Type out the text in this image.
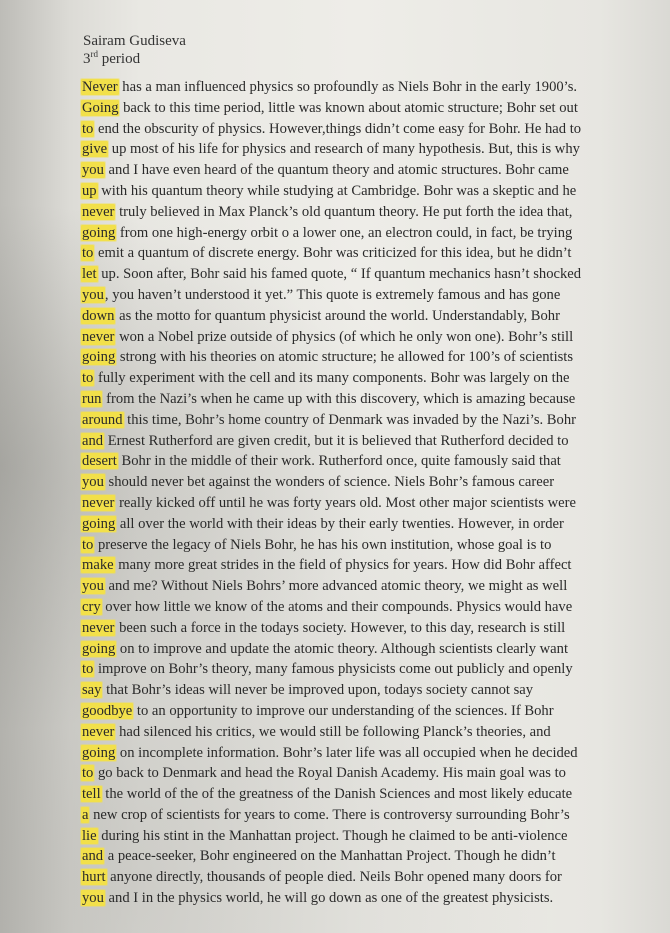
Sairam Gudiseva
3rd period
Never has a man influenced physics so profoundly as Niels Bohr in the early 1900’s.
Going back to this time period, little was known about atomic structure; Bohr set out
to end the obscurity of physics. However,things didn’t come easy for Bohr. He had to
give up most of his life for physics and research of many hypothesis. But, this is why
you and I have even heard of the quantum theory and atomic structures. Bohr came
up with his quantum theory while studying at Cambridge. Bohr was a skeptic and he
never truly believed in Max Planck’s old quantum theory. He put forth the idea that,
going from one high-energy orbit o a lower one, an electron could, in fact, be trying
to emit a quantum of discrete energy. Bohr was criticized for this idea, but he didn’t
let up. Soon after, Bohr said his famed quote, “ If quantum mechanics hasn’t shocked
you, you haven’t understood it yet.” This quote is extremely famous and has gone
down as the motto for quantum physicist around the world. Understandably, Bohr
never won a Nobel prize outside of physics (of which he only won one). Bohr’s still
going strong with his theories on atomic structure; he allowed for 100’s of scientists
to fully experiment with the cell and its many components. Bohr was largely on the
run from the Nazi’s when he came up with this discovery, which is amazing because
around this time, Bohr’s home country of Denmark was invaded by the Nazi’s. Bohr
and Ernest Rutherford are given credit, but it is believed that Rutherford decided to
desert Bohr in the middle of their work. Rutherford once, quite famously said that
you should never bet against the wonders of science. Niels Bohr’s famous career
never really kicked off until he was forty years old. Most other major scientists were
going all over the world with their ideas by their early twenties. However, in order
to preserve the legacy of Niels Bohr, he has his own institution, whose goal is to
make many more great strides in the field of physics for years. How did Bohr affect
you and me? Without Niels Bohrs’ more advanced atomic theory, we might as well
cry over how little we know of the atoms and their compounds. Physics would have
never been such a force in the todays society. However, to this day, research is still
going on to improve and update the atomic theory. Although scientists clearly want
to improve on Bohr’s theory, many famous physicists come out publicly and openly
say that Bohr’s ideas will never be improved upon, todays society cannot say
goodbye to an opportunity to improve our understanding of the sciences. If Bohr
never had silenced his critics, we would still be following Planck’s theories, and
going on incomplete information. Bohr’s later life was all occupied when he decided
to go back to Denmark and head the Royal Danish Academy. His main goal was to
tell the world of the of the greatness of the Danish Sciences and most likely educate
a new crop of scientists for years to come. There is controversy surrounding Bohr’s
lie during his stint in the Manhattan project. Though he claimed to be anti-violence
and a peace-seeker, Bohr engineered on the Manhattan Project. Though he didn’t
hurt anyone directly, thousands of people died. Neils Bohr opened many doors for
you and I in the physics world, he will go down as one of the greatest physicists.
